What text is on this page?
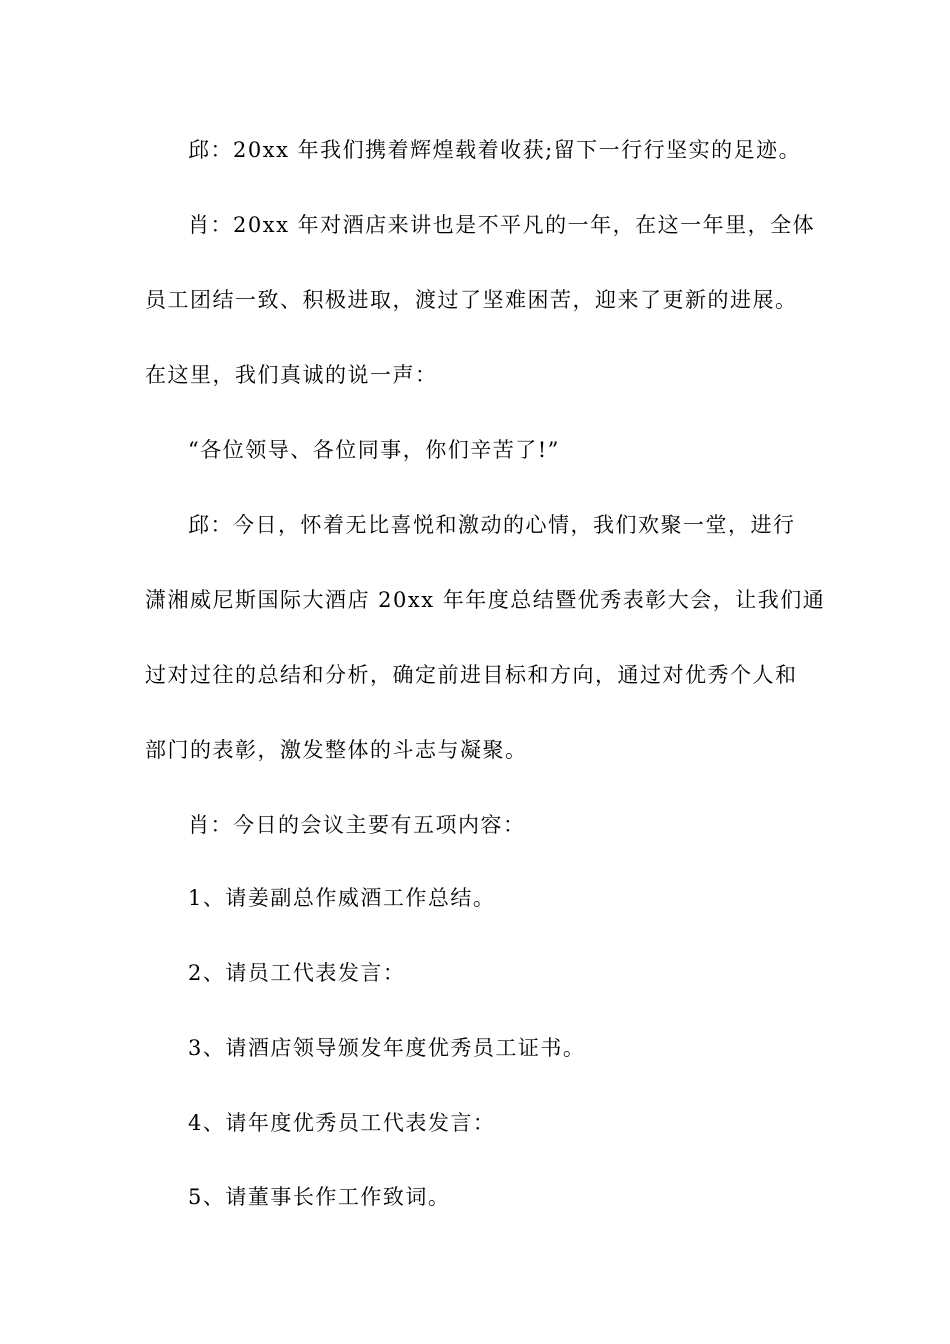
邱：20xx 年我们携着辉煌载着收获;留下一行行坚实的足迹。
肖：20xx 年对酒店来讲也是不平凡的一年，在这一年里，全体
员工团结一致、积极进取，渡过了坚难困苦，迎来了更新的进展。
在这里，我们真诚的说一声：
“各位领导、各位同事，你们辛苦了!”
邱：今日，怀着无比喜悦和激动的心情，我们欢聚一堂，进行
潇湘威尼斯国际大酒店 20xx 年年度总结暨优秀表彰大会，让我们通
过对过往的总结和分析，确定前进目标和方向，通过对优秀个人和
部门的表彰，激发整体的斗志与凝聚。
肖：今日的会议主要有五项内容：
1、请姜副总作威酒工作总结。
2、请员工代表发言：
3、请酒店领导颁发年度优秀员工证书。
4、请年度优秀员工代表发言：
5、请董事长作工作致词。
